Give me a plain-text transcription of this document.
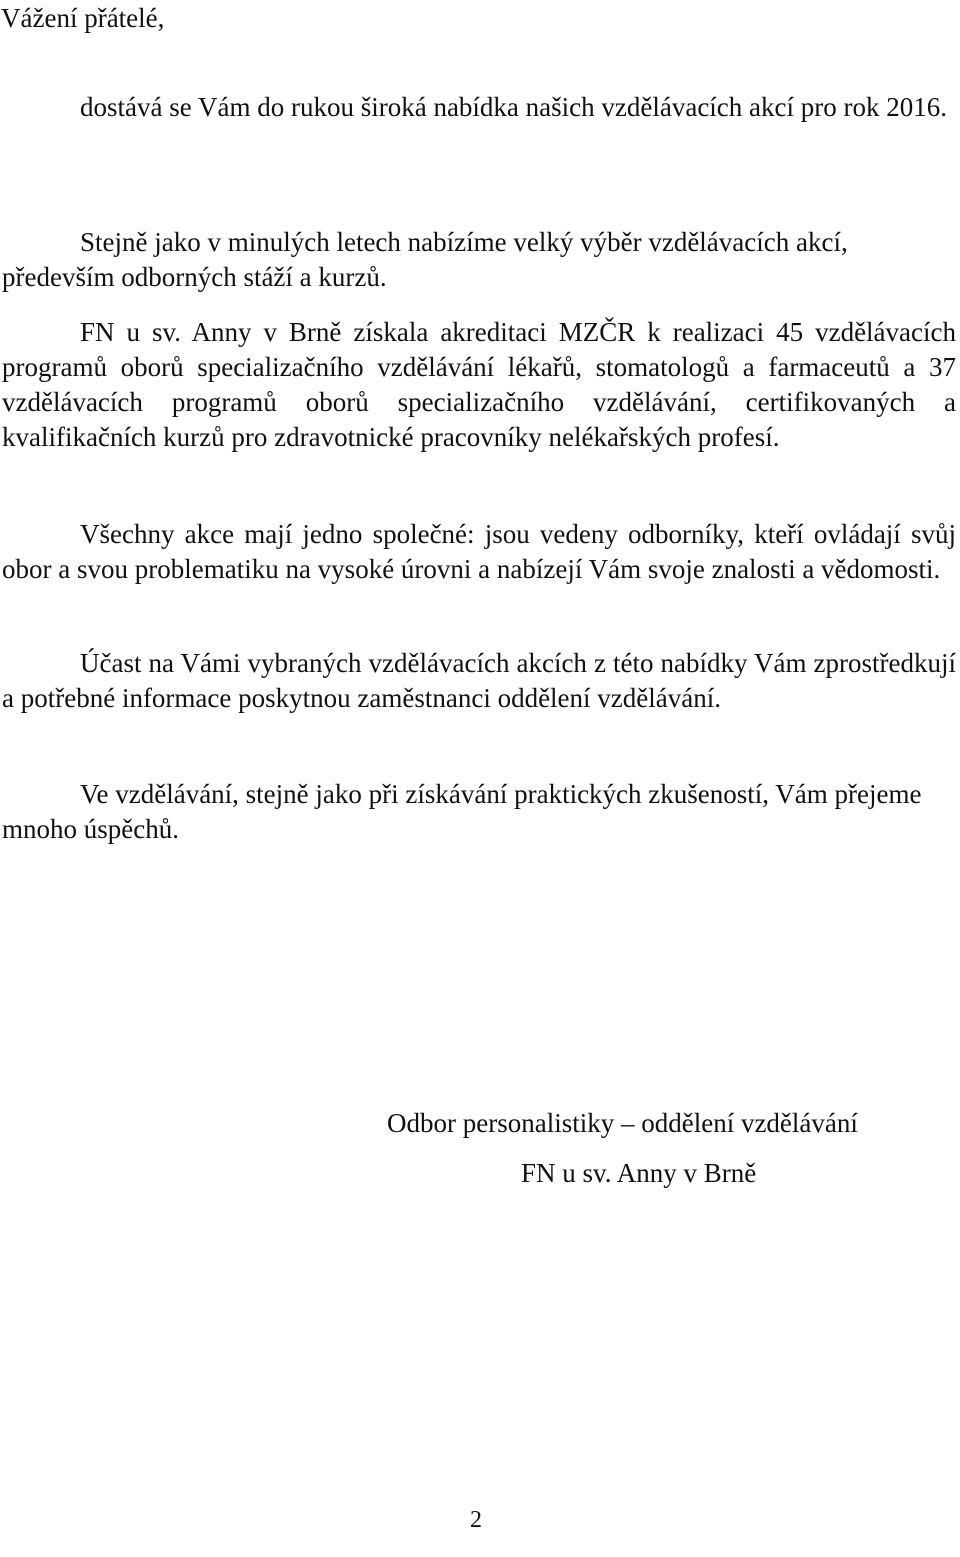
Vážení přátelé,

dostává se Vám do rukou široká nabídka našich vzdělávacích akcí pro rok 2016.

Stejně jako v minulých letech nabízíme velký výběr vzdělávacích akcí, především odborných stáží a kurzů.

FN u sv. Anny v Brně získala akreditaci MZČR k realizaci 45 vzdělávacích programů oborů specializačního vzdělávání lékařů, stomatologů a farmaceutů a 37 vzdělávacích programů oborů specializačního vzdělávání, certifikovaných a kvalifikačních kurzů pro zdravotnické pracovníky nelékařských profesí.

Všechny akce mají jedno společné: jsou vedeny odborníky, kteří ovládají svůj obor a svou problematiku na vysoké úrovni a nabízejí Vám svoje znalosti a vědomosti.

Účast na Vámi vybraných vzdělávacích akcích z této nabídky Vám zprostředkují a potřebné informace poskytnou zaměstnanci oddělení vzdělávání.

Ve vzdělávání, stejně jako při získávání praktických zkušeností, Vám přejeme mnoho úspěchů.

Odbor personalistiky – oddělení vzdělávání
FN u sv. Anny v Brně
2
